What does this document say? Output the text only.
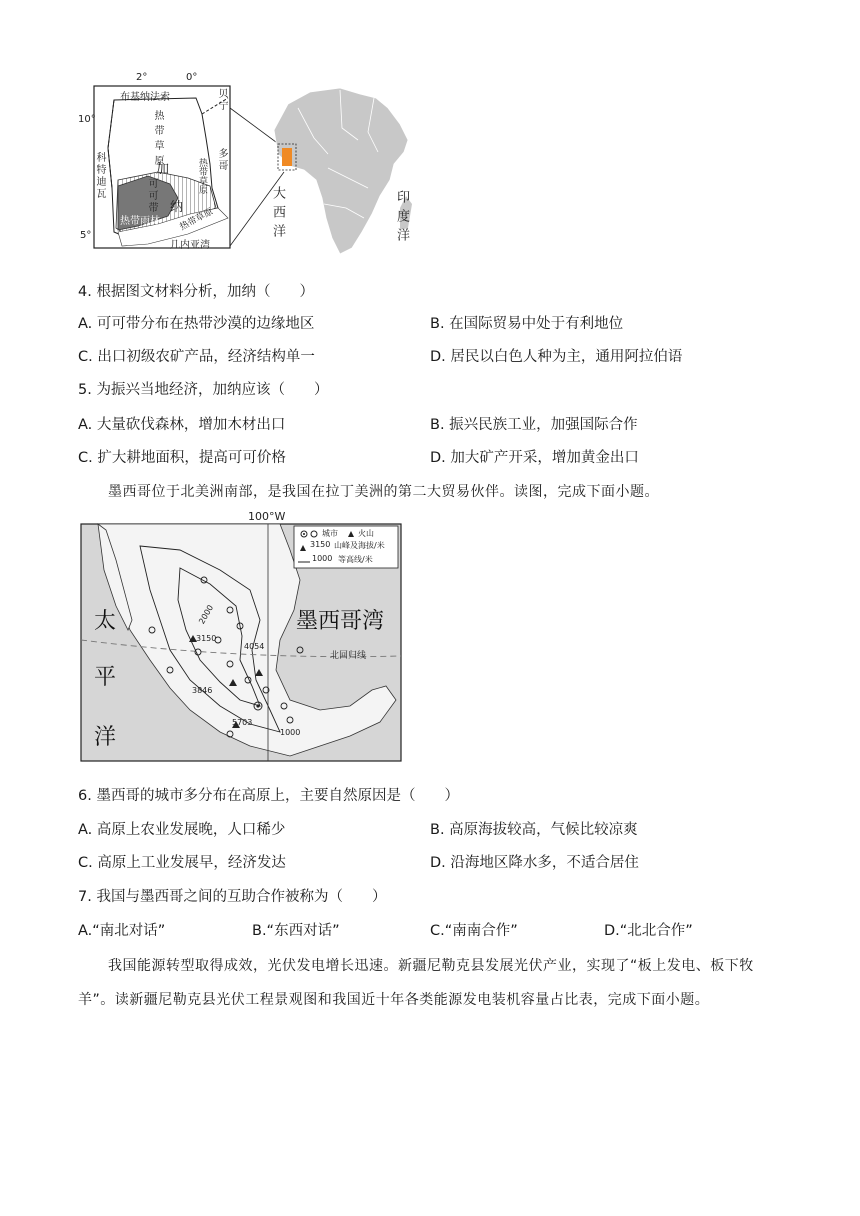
2°	0°
10°
5°
布基纳法索	贝宁
多哥
科特迪瓦
热带草原
加
纳
可可带
热带雨林
热带草原
热带草原
几内亚湾
大西洋	印度洋
4. 根据图文材料分析，加纳（　　）
A. 可可带分布在热带沙漠的边缘地区	B. 在国际贸易中处于有利地位
C. 出口初级农矿产品，经济结构单一	D. 居民以白色人种为主，通用阿拉伯语
5. 为振兴当地经济，加纳应该（　　）
A. 大量砍伐森林，增加木材出口	B. 振兴民族工业，加强国际合作
C. 扩大耕地面积，提高可可价格	D. 加大矿产开采，增加黄金出口
墨西哥位于北美洲南部，是我国在拉丁美洲的第二大贸易伙伴。读图，完成下面小题。
100°W
城市	火山
3150 山峰及海拔/米
1000 等高线/米
墨西哥湾
太
平
洋
北回归线
2000
3150
4054
3846
5703
1000
6. 墨西哥的城市多分布在高原上，主要自然原因是（　　）
A. 高原上农业发展晚，人口稀少	B. 高原海拔较高，气候比较凉爽
C. 高原上工业发展早，经济发达	D. 沿海地区降水多，不适合居住
7. 我国与墨西哥之间的互助合作被称为（　　）
A.“南北对话”	B.“东西对话”	C.“南南合作”	D.“北北合作”
我国能源转型取得成效，光伏发电增长迅速。新疆尼勒克县发展光伏产业，实现了“板上发电、板下牧
羊”。读新疆尼勒克县光伏工程景观图和我国近十年各类能源发电装机容量占比表，完成下面小题。
